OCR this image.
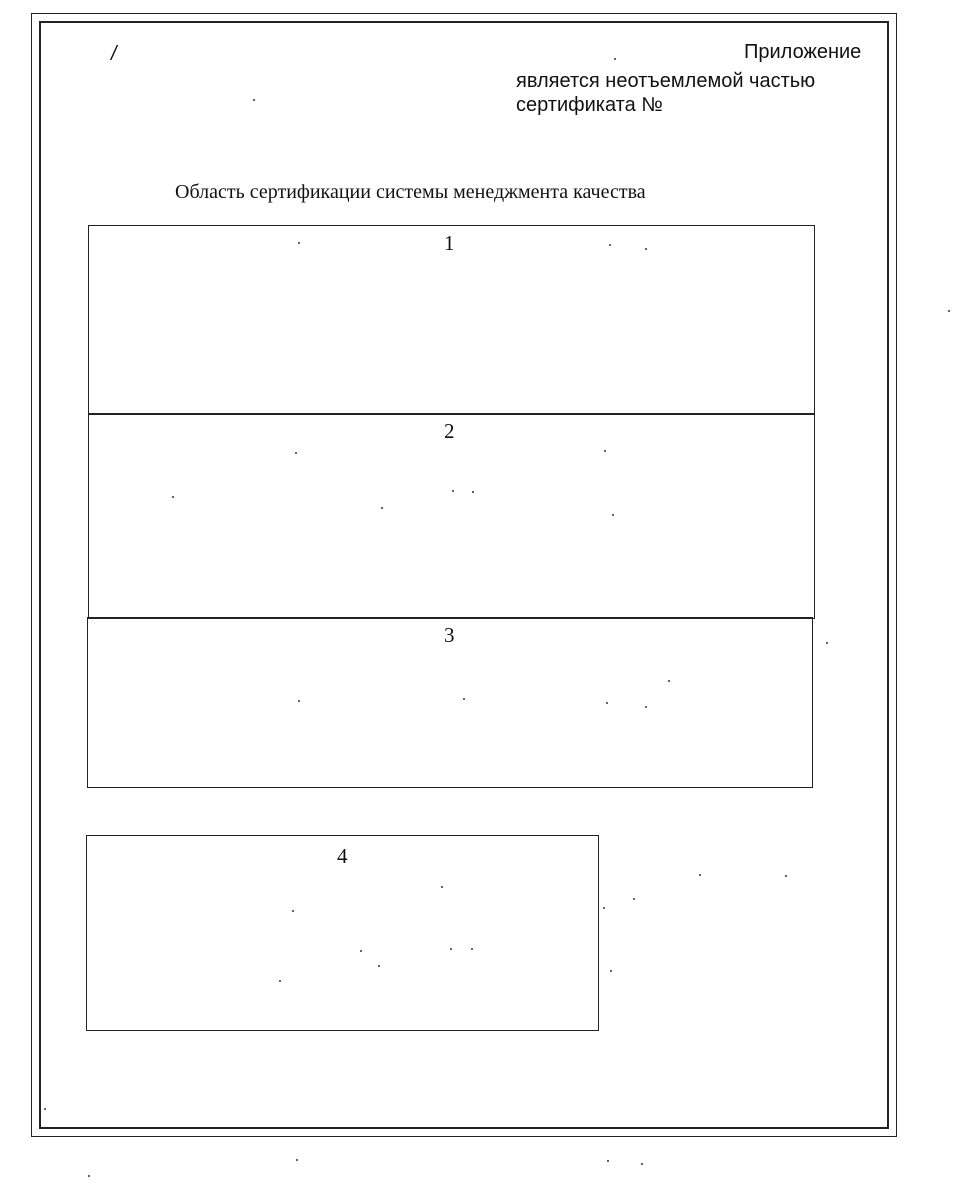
/	Приложение
является неотъемлемой частью
сертификата №
Область сертификации системы менеджмента качества
1
2
3
4
